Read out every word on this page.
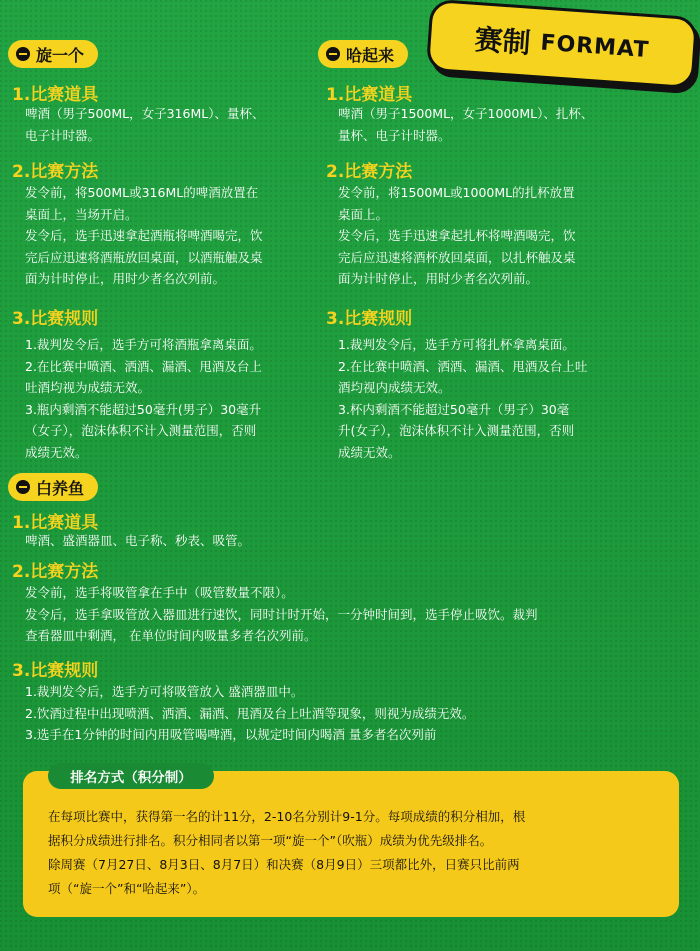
赛制 FORMAT
旋一个
1.比赛道具
啤酒（男子500ML，女子316ML）、量杯、
电子计时器。
2.比赛方法
发令前，将500ML或316ML的啤酒放置在
桌面上，当场开启。
发令后，选手迅速拿起酒瓶将啤酒喝完，饮
完后应迅速将酒瓶放回桌面，以酒瓶触及桌
面为计时停止，用时少者名次列前。
3.比赛规则
1.裁判发令后，选手方可将酒瓶拿离桌面。
2.在比赛中喷酒、洒酒、漏酒、甩酒及台上
吐酒均视为成绩无效。
3.瓶内剩酒不能超过50毫升(男子）30毫升
（女子），泡沫体积不计入测量范围，否则
成绩无效。
哈起来
1.比赛道具
啤酒（男子1500ML，女子1000ML）、扎杯、
量杯、电子计时器。
2.比赛方法
发令前，将1500ML或1000ML的扎杯放置
桌面上。
发令后，选手迅速拿起扎杯将啤酒喝完，饮
完后应迅速将酒杯放回桌面，以扎杯触及桌
面为计时停止，用时少者名次列前。
3.比赛规则
1.裁判发令后，选手方可将扎杯拿离桌面。
2.在比赛中喷酒、洒酒、漏酒、甩酒及台上吐
酒均视内成绩无效。
3.杯内剩酒不能超过50毫升（男子）30毫
升(女子），泡沫体积不计入测量范围，否则
成绩无效。
白养鱼
1.比赛道具
啤酒、盛酒器皿、电子称、秒表、吸管。
2.比赛方法
发令前，选手将吸管拿在手中（吸管数量不限）。
发令后，选手拿吸管放入器皿进行速饮，同时计时开始，一分钟时间到，选手停止吸饮。裁判
查看器皿中剩酒， 在单位时间内吸量多者名次列前。
3.比赛规则
1.裁判发令后，选手方可将吸管放入 盛酒器皿中。
2.饮酒过程中出现喷酒、洒酒、漏酒、甩酒及台上吐酒等现象，则视为成绩无效。
3.选手在1分钟的时间内用吸管喝啤酒，以规定时间内喝酒 量多者名次列前
排名方式（积分制）
在每项比赛中，获得第一名的计11分，2-10名分别计9-1分。每项成绩的积分相加，根
据积分成绩进行排名。积分相同者以第一项“旋一个”（吹瓶）成绩为优先级排名。
除周赛（7月27日、8月3日、8月7日）和决赛（8月9日）三项都比外，日赛只比前两
项（“旋一个”和“哈起来”）。
